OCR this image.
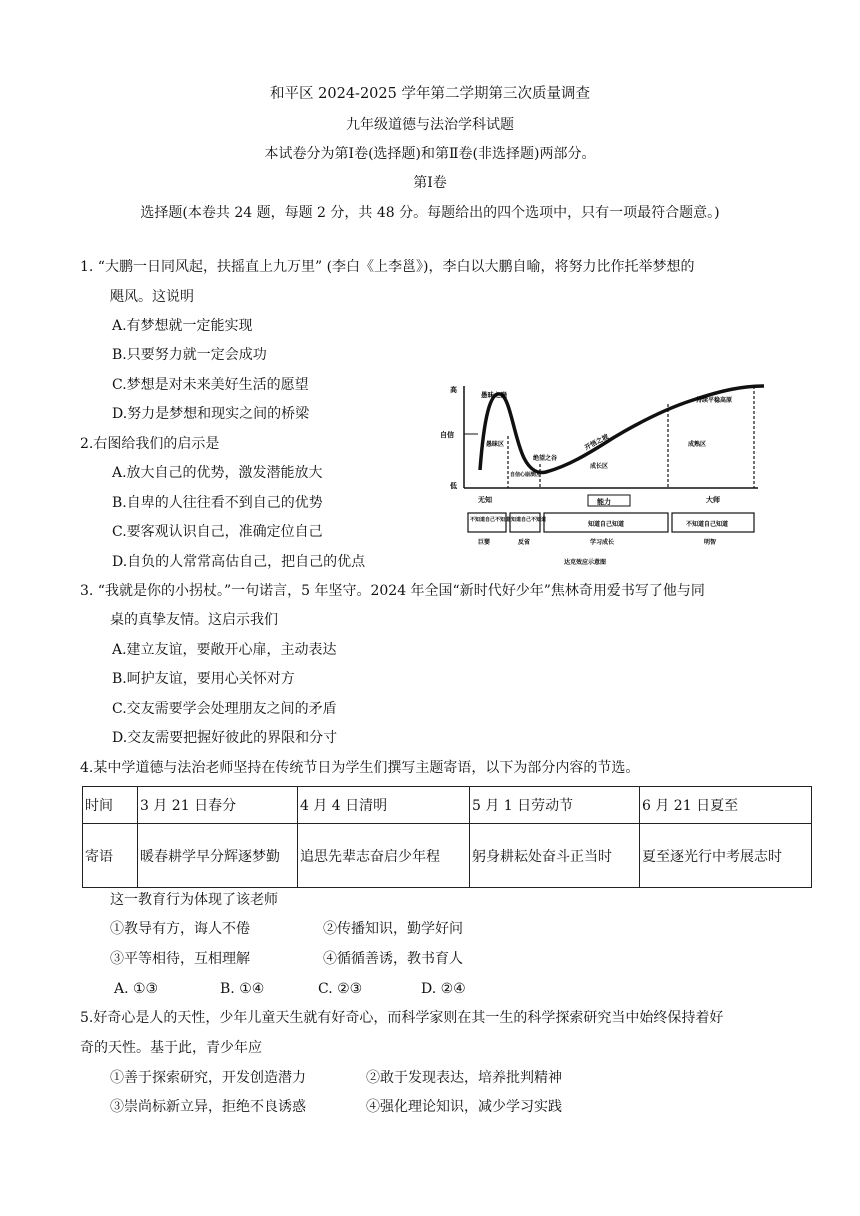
和平区 2024-2025 学年第二学期第三次质量调查
九年级道德与法治学科试题
本试卷分为第Ⅰ卷(选择题)和第Ⅱ卷(非选择题)两部分。
第Ⅰ卷
选择题(本卷共 24 题，每题 2 分，共 48 分。每题给出的四个选项中，只有一项最符合题意。)
1. “大鹏一日同风起，扶摇直上九万里” (李白《上李邕》)，李白以大鹏自喻，将努力比作托举梦想的
飓风。这说明
A.有梦想就一定能实现
B.只要努力就一定会成功
C.梦想是对未来美好生活的愿望
D.努力是梦想和现实之间的桥梁
2.右图给我们的启示是
A.放大自己的优势，激发潜能放大
B.自卑的人往往看不到自己的优势
C.要客观认识自己，准确定位自己
D.自负的人常常高估自己，把自己的优点
高
自信
低
愚昧之巅
愚昧区
自信心崩溃区
绝望之谷
开悟之坡
成长区
持续平稳高原
成熟区
无知	能力	大师
不知道自己不知道 知道自己不知道
知道自己知道	不知道自己知道
巨婴	反省	学习成长	明智
达克效应示意图
3. “我就是你的小拐杖。”一句诺言，5 年坚守。2024 年全国“新时代好少年”焦林奇用爱书写了他与同
桌的真挚友情。这启示我们
A.建立友谊，要敞开心扉，主动表达
B.呵护友谊，要用心关怀对方
C.交友需要学会处理朋友之间的矛盾
D.交友需要把握好彼此的界限和分寸
4.某中学道德与法治老师坚持在传统节日为学生们撰写主题寄语，以下为部分内容的节选。
时间	3 月 21 日春分	4 月 4 日清明	5 月 1 日劳动节	6 月 21 日夏至
寄语	暖春耕学早分辉逐梦勤	追思先辈志奋启少年程	躬身耕耘处奋斗正当时	夏至逐光行中考展志时
这一教育行为体现了该老师
①教导有方，诲人不倦	②传播知识，勤学好问
③平等相待，互相理解	④循循善诱，教书育人
A. ①③	B. ①④	C. ②③	D. ②④
5.好奇心是人的天性，少年儿童天生就有好奇心，而科学家则在其一生的科学探索研究当中始终保持着好
奇的天性。基于此，青少年应
①善于探索研究，开发创造潜力	②敢于发现表达，培养批判精神
③崇尚标新立异，拒绝不良诱惑	④强化理论知识，减少学习实践
